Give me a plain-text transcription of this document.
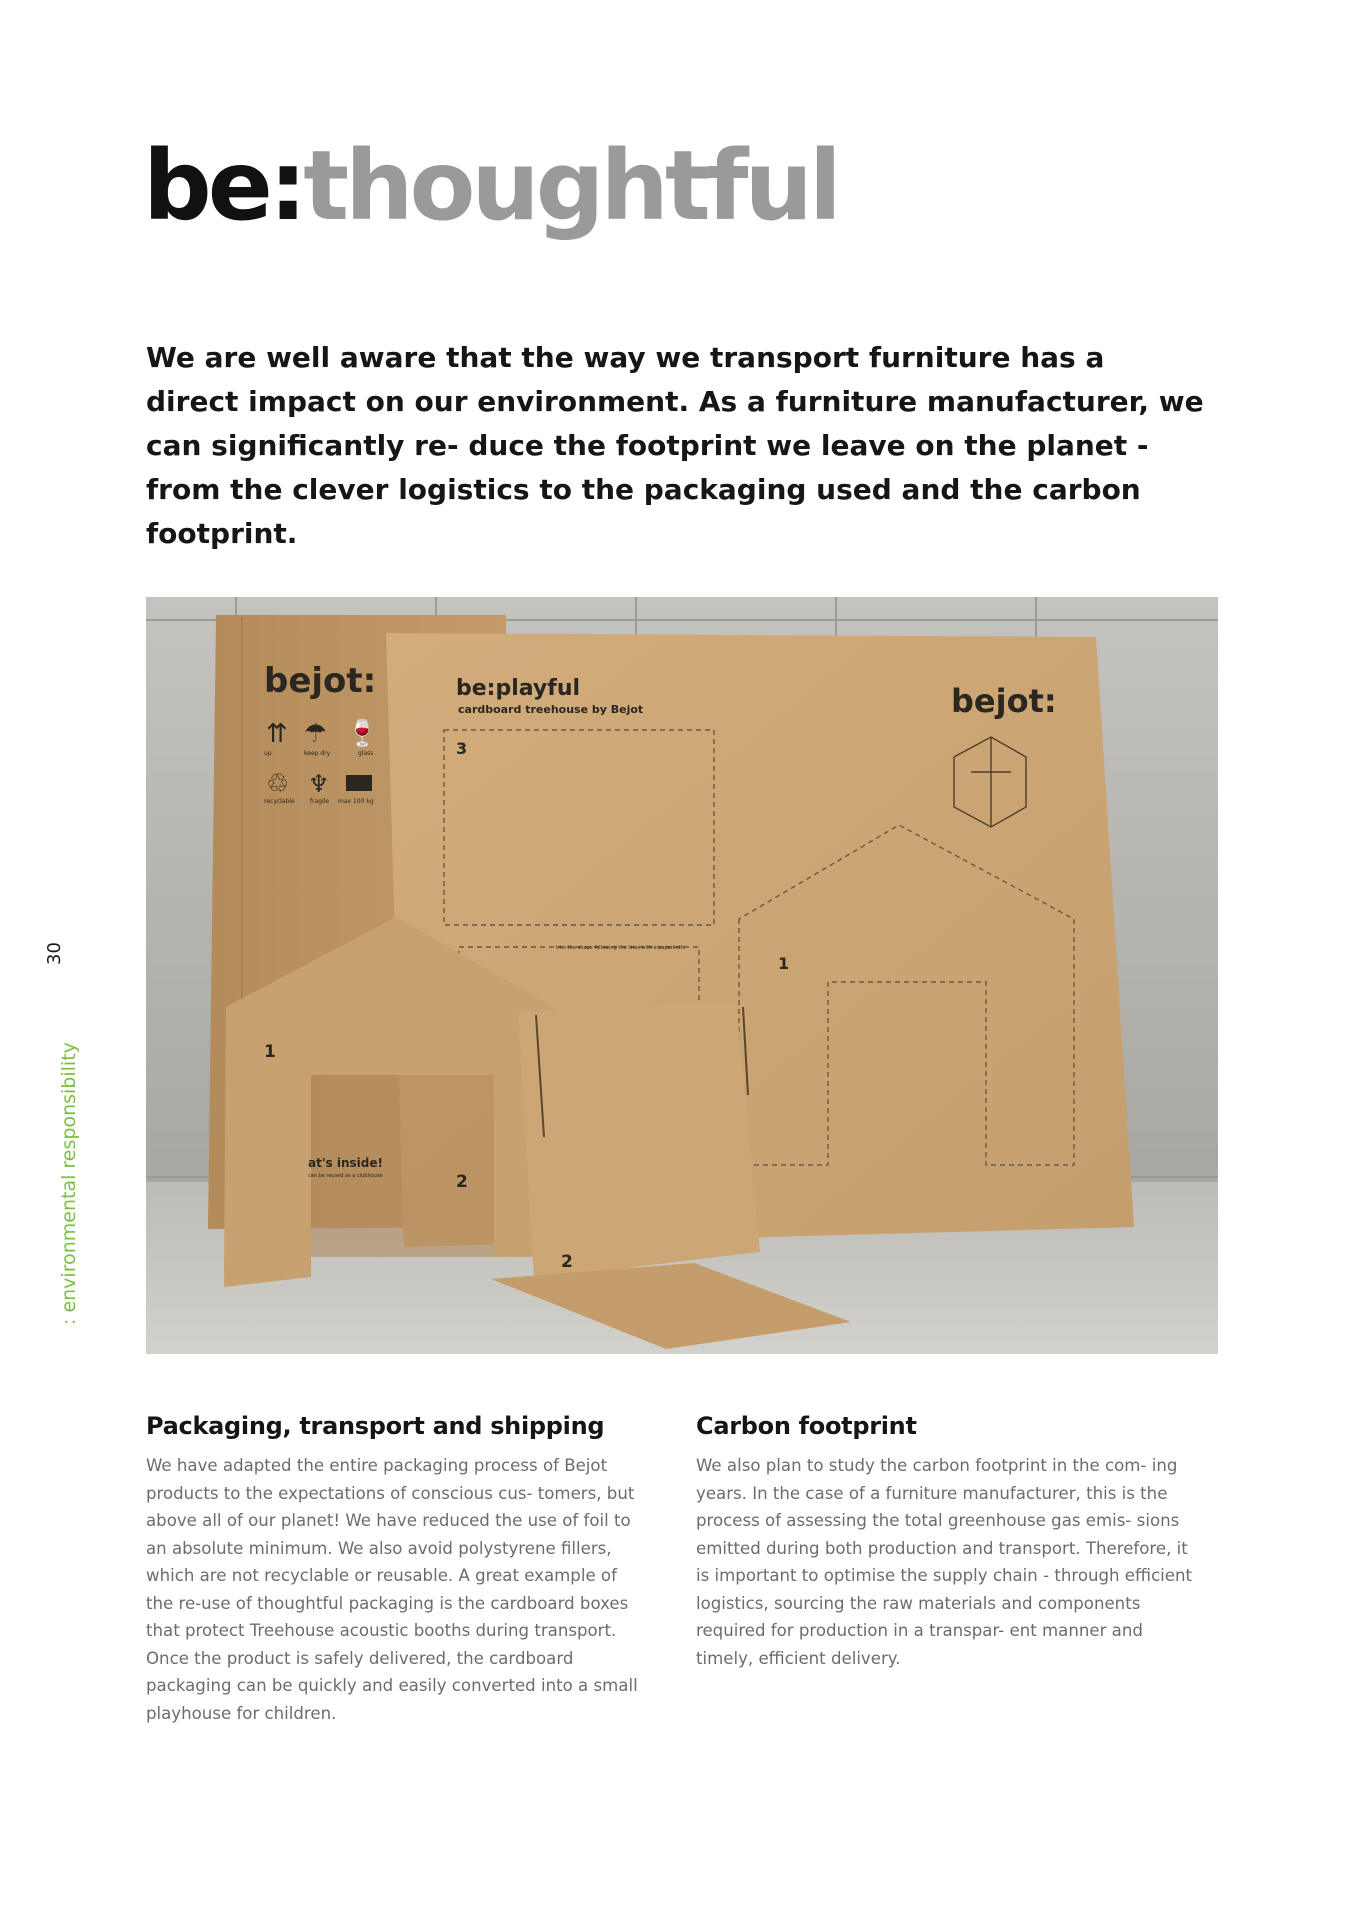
be:thoughtful

We are well aware that the way we transport furniture has a direct impact on our environment. As a furniture manufacturer, we can significantly re- duce the footprint we leave on the planet - from the clever logistics to the packaging used and the carbon footprint.

bejot:
⇈ ☂ 🍷
♲ ♆
up	keep dry	glass
recyclable	fragile max 100 kg
be:playful
cardboard treehouse by Bejot	bejot:
3
1
trim the shape following the lines with a paperknife
1
at's inside!
can be reused as a clubhouse	2
2
: environmental responsibility
30
Packaging, transport and shipping

We have adapted the entire packaging process of Bejot products to the expectations of conscious cus- tomers, but above all of our planet! We have reduced the use of foil to an absolute minimum. We also avoid polystyrene fillers, which are not recyclable or reusable. A great example of the re-use of thoughtful packaging is the cardboard boxes that protect Treehouse acoustic booths during transport. Once the product is safely delivered, the cardboard packaging can be quickly and easily converted into a small playhouse for children.

Carbon footprint

We also plan to study the carbon footprint in the com- ing years. In the case of a furniture manufacturer, this is the process of assessing the total greenhouse gas emis- sions emitted during both production and transport. Therefore, it is important to optimise the supply chain - through efficient logistics, sourcing the raw materials and components required for production in a transpar- ent manner and timely, efficient delivery.
